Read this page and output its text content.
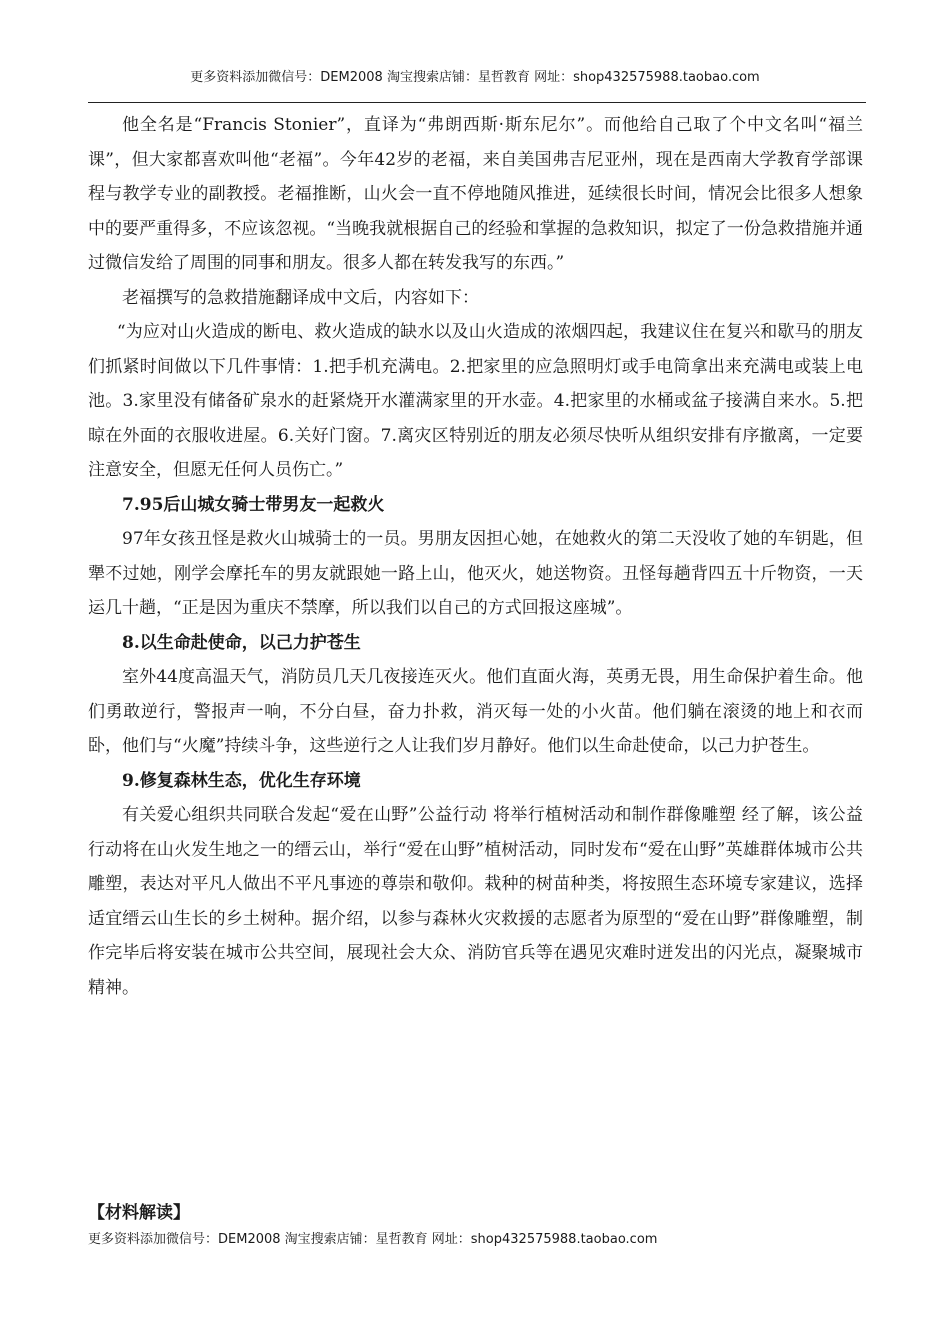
更多资料添加微信号：DEM2008 淘宝搜索店铺：星哲教育 网址：shop432575988.taobao.com

他全名是“Francis Stonier”，直译为“弗朗西斯·斯东尼尔”。而他给自己取了个中文名叫“福兰课”，但大家都喜欢叫他“老福”。今年42岁的老福，来自美国弗吉尼亚州，现在是西南大学教育学部课程与教学专业的副教授。老福推断，山火会一直不停地随风推进，延续很长时间，情况会比很多人想象中的要严重得多，不应该忽视。“当晚我就根据自己的经验和掌握的急救知识，拟定了一份急救措施并通过微信发给了周围的同事和朋友。很多人都在转发我写的东西。”

老福撰写的急救措施翻译成中文后，内容如下：

“为应对山火造成的断电、救火造成的缺水以及山火造成的浓烟四起，我建议住在复兴和歇马的朋友们抓紧时间做以下几件事情：1.把手机充满电。2.把家里的应急照明灯或手电筒拿出来充满电或装上电池。3.家里没有储备矿泉水的赶紧烧开水灌满家里的开水壶。4.把家里的水桶或盆子接满自来水。5.把晾在外面的衣服收进屋。6.关好门窗。7.离灾区特别近的朋友必须尽快听从组织安排有序撤离，一定要注意安全，但愿无任何人员伤亡。”

7.95后山城女骑士带男友一起救火

97年女孩丑怪是救火山城骑士的一员。男朋友因担心她，在她救火的第二天没收了她的车钥匙，但犟不过她，刚学会摩托车的男友就跟她一路上山，他灭火，她送物资。丑怪每趟背四五十斤物资，一天运几十趟，“正是因为重庆不禁摩，所以我们以自己的方式回报这座城”。

8.以生命赴使命，以己力护苍生

室外44度高温天气，消防员几天几夜接连灭火。他们直面火海，英勇无畏，用生命保护着生命。他们勇敢逆行，警报声一响，不分白昼，奋力扑救，消灭每一处的小火苗。他们躺在滚烫的地上和衣而卧，他们与“火魔”持续斗争，这些逆行之人让我们岁月静好。他们以生命赴使命，以己力护苍生。

9.修复森林生态，优化生存环境

有关爱心组织共同联合发起“爱在山野”公益行动 将举行植树活动和制作群像雕塑 经了解，该公益行动将在山火发生地之一的缙云山，举行“爱在山野”植树活动，同时发布“爱在山野”英雄群体城市公共雕塑，表达对平凡人做出不平凡事迹的尊崇和敬仰。栽种的树苗种类，将按照生态环境专家建议，选择适宜缙云山生长的乡土树种。据介绍，以参与森林火灾救援的志愿者为原型的“爱在山野”群像雕塑，制作完毕后将安装在城市公共空间，展现社会大众、消防官兵等在遇见灾难时迸发出的闪光点，凝聚城市精神。

【材料解读】
更多资料添加微信号：DEM2008 淘宝搜索店铺：星哲教育 网址：shop432575988.taobao.com
